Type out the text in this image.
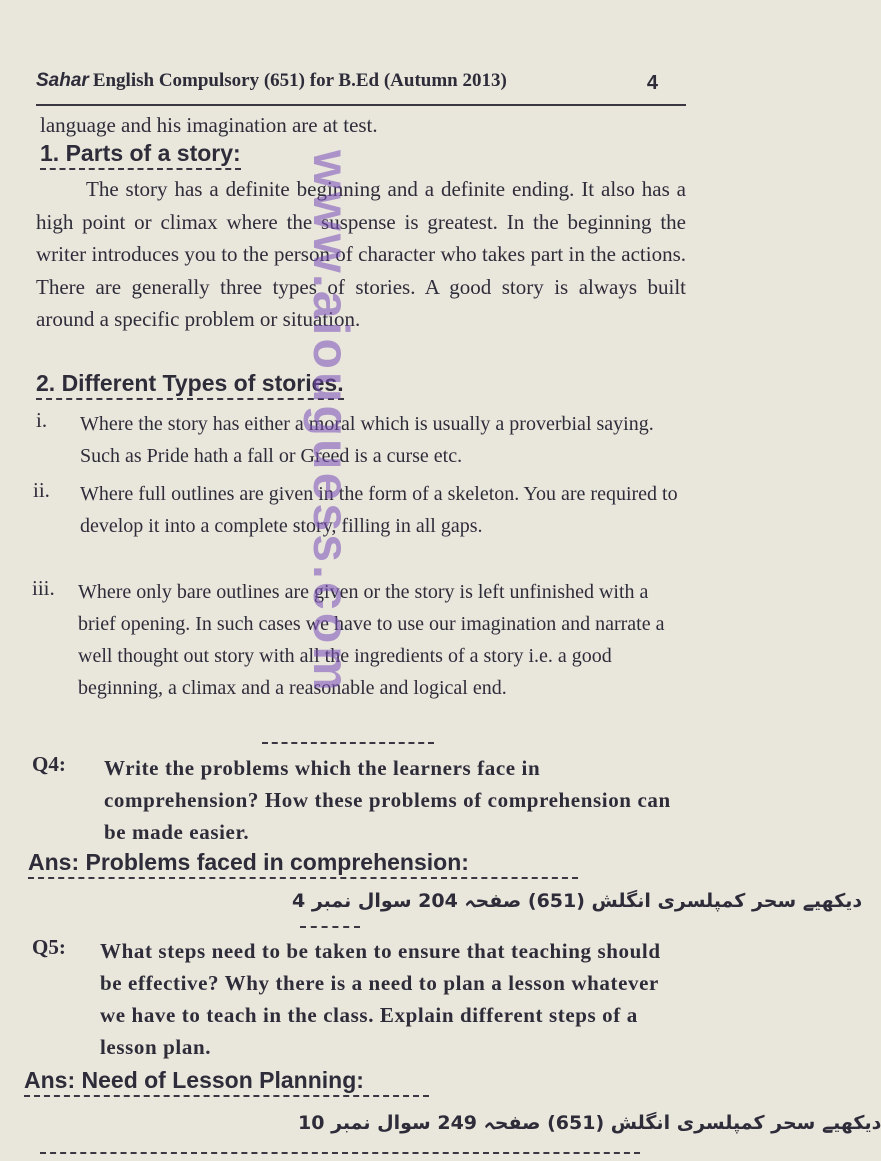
Sahar English Compulsory (651) for B.Ed (Autumn 2013)	4
language and his imagination are at test.
1. Parts of a story:
The story has a definite beginning and a definite ending. It also has a high point or climax where the suspense is greatest. In the beginning the writer introduces you to the person of character who takes part in the actions. There are generally three types of stories. A good story is always built around a specific problem or situation.
2. Different Types of stories.
i. Where the story has either a moral which is usually a proverbial saying. Such as Pride hath a fall or Greed is a curse etc.
ii. Where full outlines are given in the form of a skeleton. You are required to develop it into a complete story, filling in all gaps.
iii. Where only bare outlines are given or the story is left unfinished with a brief opening. In such cases we have to use our imagination and narrate a well thought out story with all the ingredients of a story i.e. a good beginning, a climax and a reasonable and logical end.
Q4: Write the problems which the learners face in comprehension? How these problems of comprehension can be made easier.
Ans: Problems faced in comprehension:
دیکھیے سحر کمپلسری انگلش (651) صفحہ 204 سوال نمبر 4
Q5: What steps need to be taken to ensure that teaching should be effective? Why there is a need to plan a lesson whatever we have to teach in the class. Explain different steps of a lesson plan.
Ans: Need of Lesson Planning:
دیکھیے سحر کمپلسری انگلش (651) صفحہ 249 سوال نمبر 10
www.aiouguess.com
